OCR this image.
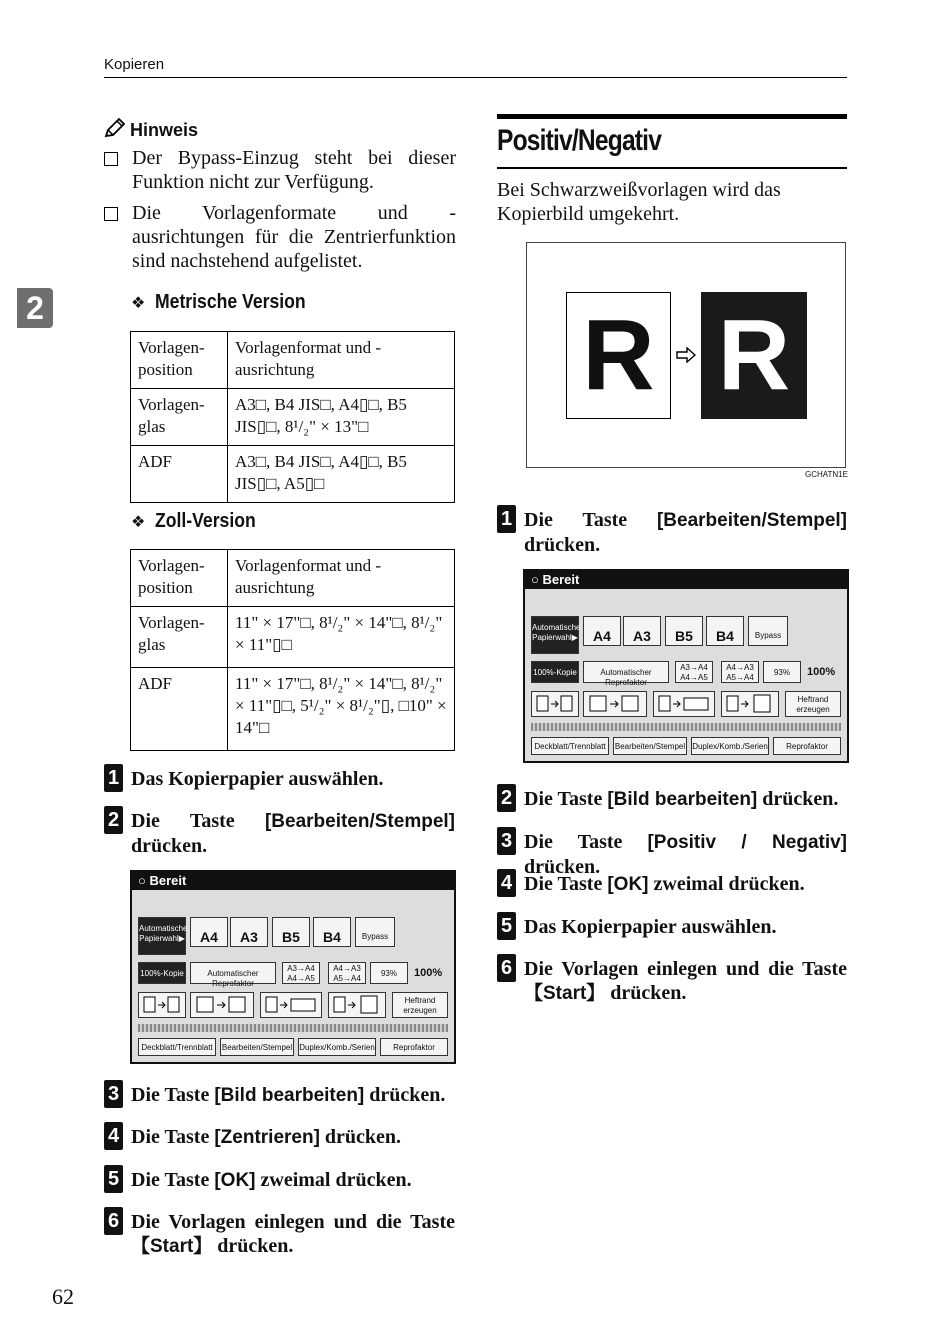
Kopieren
2
Hinweis
Der Bypass-Einzug steht bei dieser Funktion nicht zur Verfügung.
Die Vorlagenformate und -ausrichtungen für die Zentrierfunktion sind nachstehend aufgelistet.
❖ Metrische Version
Vorlagen-position	Vorlagenformat und -ausrichtung
Vorlagen-glas	A3□, B4 JIS□, A4▯□, B5 JIS▯□, 8¹/₂" × 13"□
ADF	A3□, B4 JIS□, A4▯□, B5 JIS▯□, A5▯□
❖ Zoll-Version
Vorlagen-position	Vorlagenformat und -ausrichtung
Vorlagen-glas	11" × 17"□, 8¹/₂" × 14"□, 8¹/₂" × 11"▯□
ADF	11" × 17"□, 8¹/₂" × 14"□, 8¹/₂" × 11"▯□, 5¹/₂" × 8¹/₂"▯, □10" × 14"□
1 Das Kopierpapier auswählen.
2 Die Taste [Bearbeiten/Stempel] drücken.
○ Bereit
Automatische Papierwahl▶	A4	A3	B5	B4	Bypass
100%-Kopie	Automatischer Reprofaktor
A3→A4 A4→A5
A4→A3 A5→A4
93%	100%
Heftrand erzeugen
Deckblatt/Trennblatt	Bearbeiten/Stempel Duplex/Komb./Serien	Reprofaktor
3 Die Taste [Bild bearbeiten] drücken.
4 Die Taste [Zentrieren] drücken.
5 Die Taste [OK] zweimal drücken.
6 Die Vorlagen einlegen und die Taste 【Start】 drücken.
Positiv/Negativ
Bei Schwarzweißvorlagen wird das Kopierbild umgekehrt.
R R
GCHATN1E
1 Die Taste [Bearbeiten/Stempel] drücken.
○ Bereit
Automatische Papierwahl▶	A4	A3	B5	B4	Bypass
100%-Kopie	Automatischer Reprofaktor
A3→A4 A4→A5
A4→A3 A5→A4
93%	100%
Heftrand erzeugen
Deckblatt/Trennblatt	Bearbeiten/Stempel Duplex/Komb./Serien	Reprofaktor
2 Die Taste [Bild bearbeiten] drücken.
3 Die Taste [Positiv / Negativ] drücken.
4 Die Taste [OK] zweimal drücken.
5 Das Kopierpapier auswählen.
6 Die Vorlagen einlegen und die Taste 【Start】 drücken.
62
